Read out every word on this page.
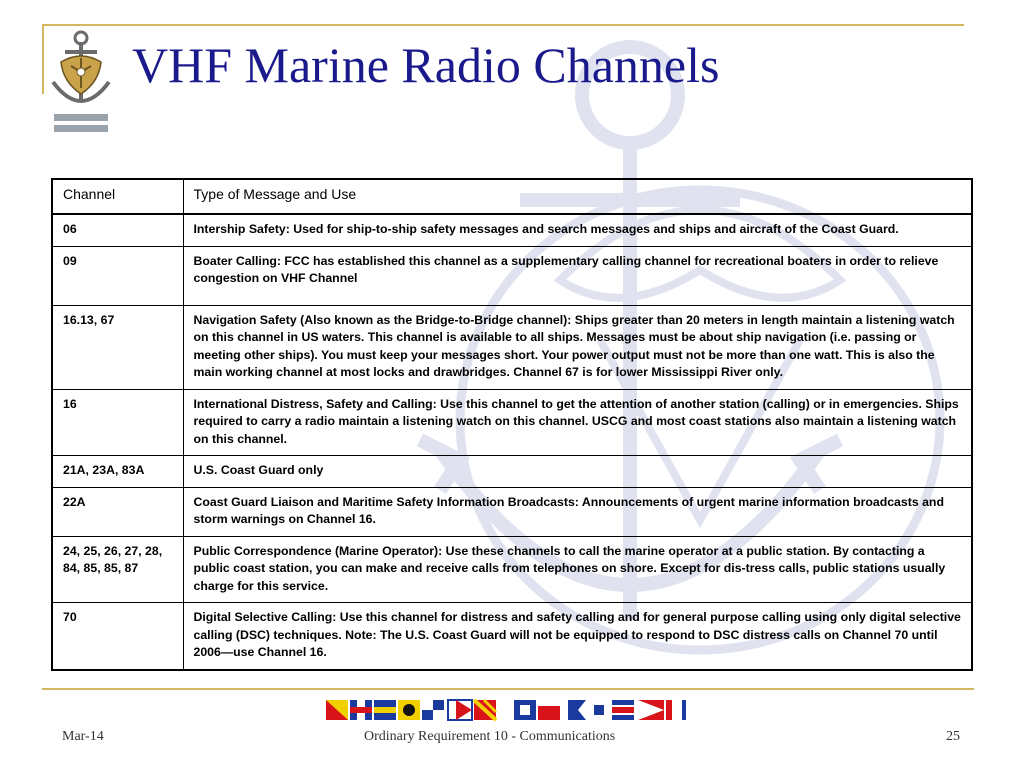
VHF Marine Radio Channels
Channel	Type of Message and Use
06	Intership Safety: Used for ship-to-ship safety messages and search messages and ships and aircraft of the Coast Guard.
09	Boater Calling: FCC has established this channel as a supplementary calling channel for recreational boaters in order to relieve congestion on VHF Channel
16.13, 67	Navigation Safety (Also known as the Bridge-to-Bridge channel): Ships greater than 20 meters in length maintain a listening watch on this channel in US waters. This channel is available to all ships. Messages must be about ship navigation (i.e. passing or meeting other ships). You must keep your messages short. Your power output must not be more than one watt. This is also the main working channel at most locks and drawbridges. Channel 67 is for lower Mississippi River only.
16	International Distress, Safety and Calling: Use this channel to get the attention of another station (calling) or in emergencies. Ships required to carry a radio maintain a listening watch on this channel. USCG and most coast stations also maintain a listening watch on this channel.
21A, 23A, 83A	U.S. Coast Guard only
22A	Coast Guard Liaison and Maritime Safety Information Broadcasts: Announcements of urgent marine information broadcasts and storm warnings on Channel 16.
24, 25, 26, 27, 28, 84, 85, 85, 87	Public Correspondence (Marine Operator): Use these channels to call the marine operator at a public station. By contacting a public coast station, you can make and receive calls from telephones on shore. Except for dis-tress calls, public stations usually charge for this service.
70	Digital Selective Calling: Use this channel for distress and safety calling and for general purpose calling using only digital selective calling (DSC) techniques. Note: The U.S. Coast Guard will not be equipped to respond to DSC distress calls on Channel 70 until 2006—use Channel 16.
Mar-14	Ordinary Requirement 10 - Communications	25
